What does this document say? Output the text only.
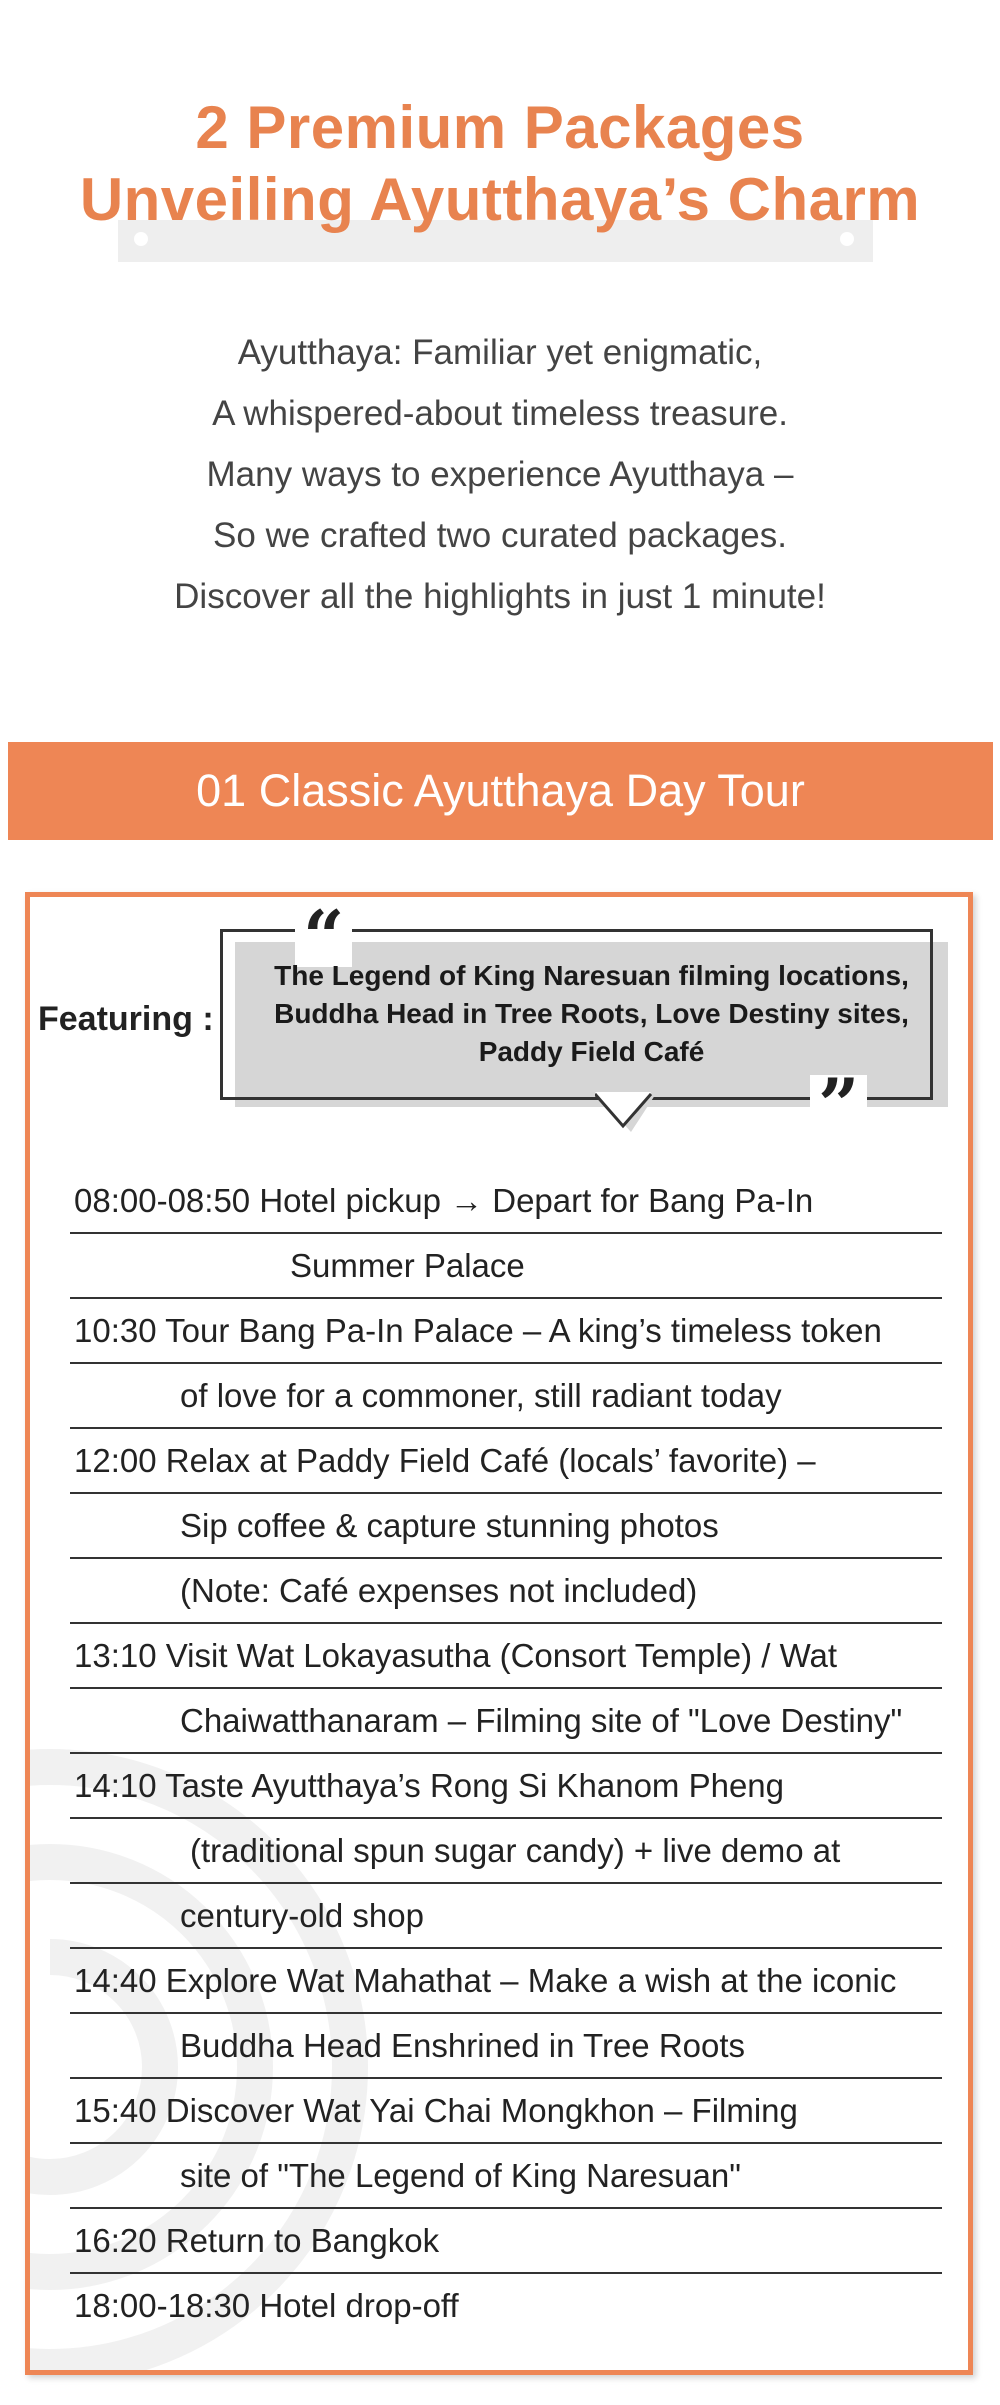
2 Premium Packages
Unveiling Ayutthaya’s Charm
Ayutthaya: Familiar yet enigmatic,
A whispered-about timeless treasure.
Many ways to experience Ayutthaya –
So we crafted two curated packages.
Discover all the highlights in just 1 minute!
01 Classic Ayutthaya Day Tour
Featuring :
“
”
The Legend of King Naresuan filming locations,
Buddha Head in Tree Roots, Love Destiny sites,
Paddy Field Café
08:00-08:50 Hotel pickup → Depart for Bang Pa-In
Summer Palace
10:30 Tour Bang Pa-In Palace – A king’s timeless token
of love for a commoner, still radiant today
12:00 Relax at Paddy Field Café (locals’ favorite) –
Sip coffee & capture stunning photos
(Note: Café expenses not included)
13:10 Visit Wat Lokayasutha (Consort Temple) / Wat
Chaiwatthanaram – Filming site of "Love Destiny"
14:10 Taste Ayutthaya’s Rong Si Khanom Pheng
(traditional spun sugar candy) + live demo at
century-old shop
14:40 Explore Wat Mahathat – Make a wish at the iconic
Buddha Head Enshrined in Tree Roots
15:40 Discover Wat Yai Chai Mongkhon – Filming
site of "The Legend of King Naresuan"
16:20 Return to Bangkok
18:00-18:30 Hotel drop-off
